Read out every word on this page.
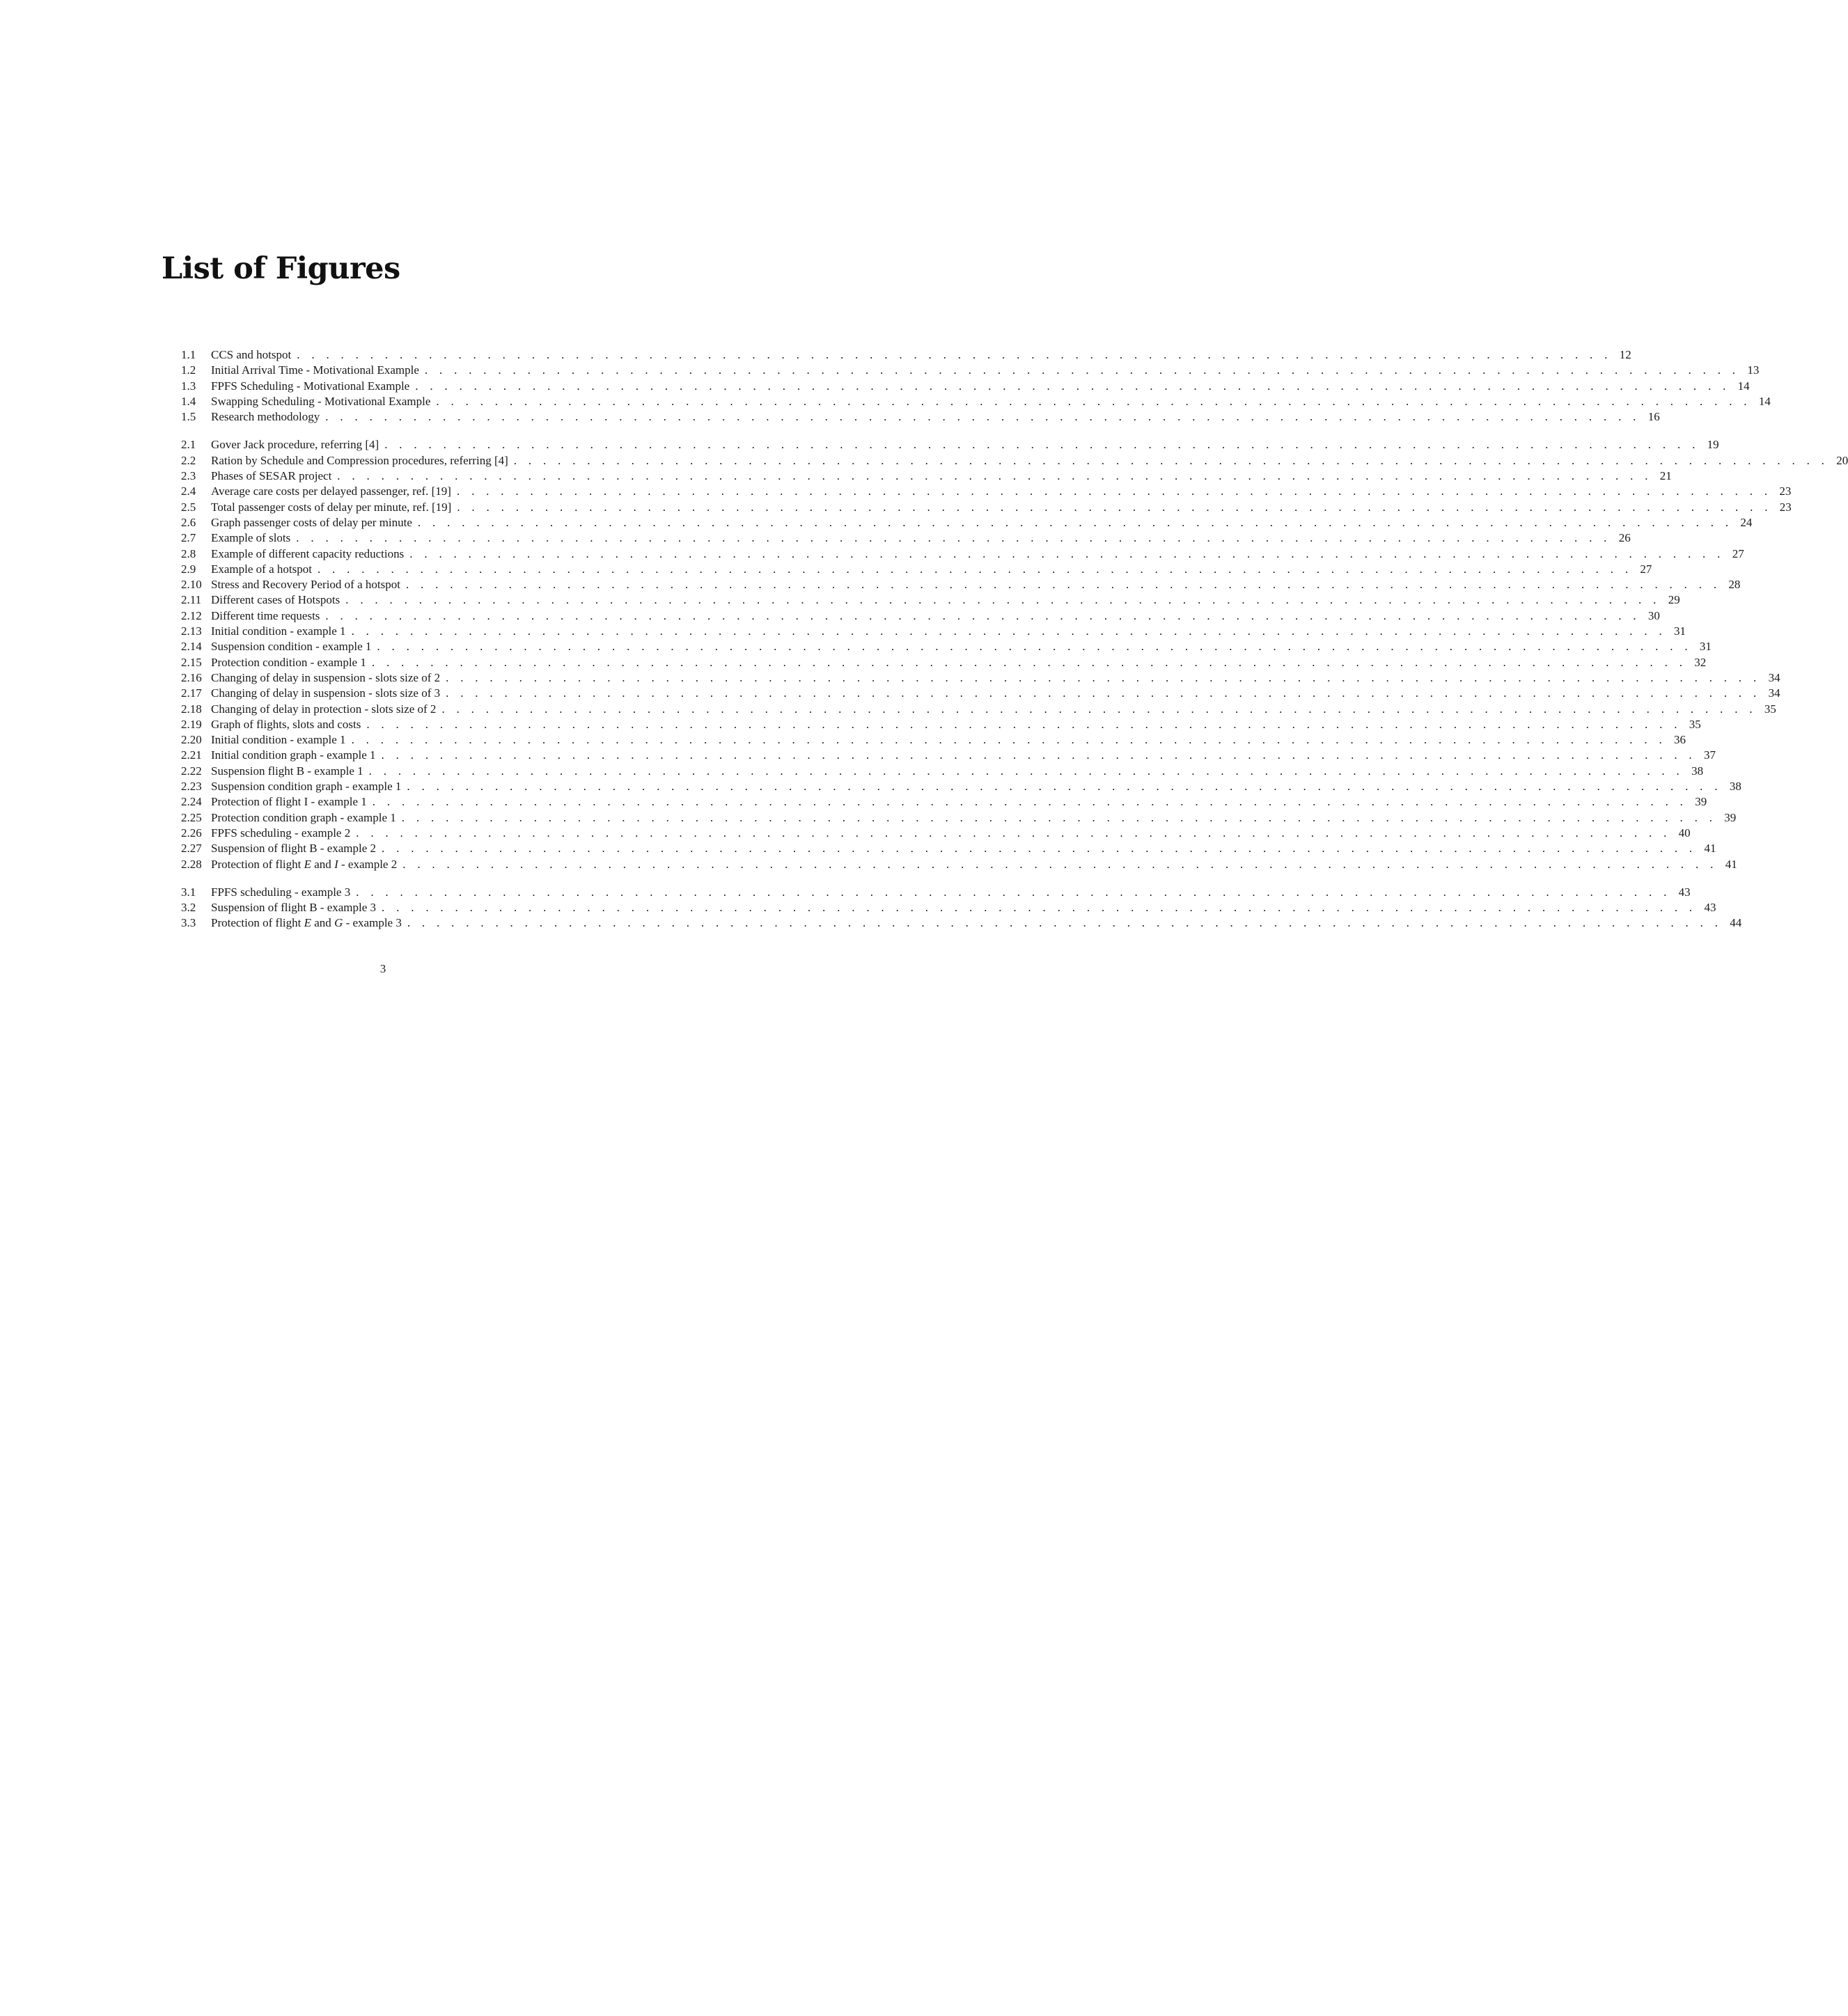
List of Figures
1.1	CCS and hotspot . . . . . . . . . . . . . . . . . . . . . . . . . . . . . . . . . . . . . . . . . . . . . . . . . . . . . . . . . . . . . . . . . . . . . . . . . . . . . . . . . . . . . . . . . . 12
1.2	Initial Arrival Time - Motivational Example . . . . . . . . . . . . . . . . . . . . . . . . . . . . . . . . . . . . . . . . . . . . . . . . . . . . . . . . . . . . . . . . . . . . . . . . . . . . . . . . . . . . . . . . . . 13
1.3	FPFS Scheduling - Motivational Example . . . . . . . . . . . . . . . . . . . . . . . . . . . . . . . . . . . . . . . . . . . . . . . . . . . . . . . . . . . . . . . . . . . . . . . . . . . . . . . . . . . . . . . . . . 14
1.4	Swapping Scheduling - Motivational Example . . . . . . . . . . . . . . . . . . . . . . . . . . . . . . . . . . . . . . . . . . . . . . . . . . . . . . . . . . . . . . . . . . . . . . . . . . . . . . . . . . . . . . . . . . 14
1.5	Research methodology . . . . . . . . . . . . . . . . . . . . . . . . . . . . . . . . . . . . . . . . . . . . . . . . . . . . . . . . . . . . . . . . . . . . . . . . . . . . . . . . . . . . . . . . . . 16
2.1	Gover Jack procedure, referring [4] . . . . . . . . . . . . . . . . . . . . . . . . . . . . . . . . . . . . . . . . . . . . . . . . . . . . . . . . . . . . . . . . . . . . . . . . . . . . . . . . . . . . . . . . . . 19
2.2	Ration by Schedule and Compression procedures, referring [4] . . . . . . . . . . . . . . . . . . . . . . . . . . . . . . . . . . . . . . . . . . . . . . . . . . . . . . . . . . . . . . . . . . . . . . . . . . . . . . . . . . . . . . . . . . 20
2.3	Phases of SESAR project . . . . . . . . . . . . . . . . . . . . . . . . . . . . . . . . . . . . . . . . . . . . . . . . . . . . . . . . . . . . . . . . . . . . . . . . . . . . . . . . . . . . . . . . . . 21
2.4	Average care costs per delayed passenger, ref. [19] . . . . . . . . . . . . . . . . . . . . . . . . . . . . . . . . . . . . . . . . . . . . . . . . . . . . . . . . . . . . . . . . . . . . . . . . . . . . . . . . . . . . . . . . . . 23
2.5	Total passenger costs of delay per minute, ref. [19] . . . . . . . . . . . . . . . . . . . . . . . . . . . . . . . . . . . . . . . . . . . . . . . . . . . . . . . . . . . . . . . . . . . . . . . . . . . . . . . . . . . . . . . . . . 23
2.6	Graph passenger costs of delay per minute . . . . . . . . . . . . . . . . . . . . . . . . . . . . . . . . . . . . . . . . . . . . . . . . . . . . . . . . . . . . . . . . . . . . . . . . . . . . . . . . . . . . . . . . . . 24
2.7	Example of slots . . . . . . . . . . . . . . . . . . . . . . . . . . . . . . . . . . . . . . . . . . . . . . . . . . . . . . . . . . . . . . . . . . . . . . . . . . . . . . . . . . . . . . . . . . 26
2.8	Example of different capacity reductions . . . . . . . . . . . . . . . . . . . . . . . . . . . . . . . . . . . . . . . . . . . . . . . . . . . . . . . . . . . . . . . . . . . . . . . . . . . . . . . . . . . . . . . . . . 27
2.9	Example of a hotspot . . . . . . . . . . . . . . . . . . . . . . . . . . . . . . . . . . . . . . . . . . . . . . . . . . . . . . . . . . . . . . . . . . . . . . . . . . . . . . . . . . . . . . . . . . 27
2.10 Stress and Recovery Period of a hotspot . . . . . . . . . . . . . . . . . . . . . . . . . . . . . . . . . . . . . . . . . . . . . . . . . . . . . . . . . . . . . . . . . . . . . . . . . . . . . . . . . . . . . . . . . . 28
2.11 Different cases of Hotspots . . . . . . . . . . . . . . . . . . . . . . . . . . . . . . . . . . . . . . . . . . . . . . . . . . . . . . . . . . . . . . . . . . . . . . . . . . . . . . . . . . . . . . . . . . 29
2.12 Different time requests . . . . . . . . . . . . . . . . . . . . . . . . . . . . . . . . . . . . . . . . . . . . . . . . . . . . . . . . . . . . . . . . . . . . . . . . . . . . . . . . . . . . . . . . . . 30
2.13 Initial condition - example 1 . . . . . . . . . . . . . . . . . . . . . . . . . . . . . . . . . . . . . . . . . . . . . . . . . . . . . . . . . . . . . . . . . . . . . . . . . . . . . . . . . . . . . . . . . . 31
2.14 Suspension condition - example 1 . . . . . . . . . . . . . . . . . . . . . . . . . . . . . . . . . . . . . . . . . . . . . . . . . . . . . . . . . . . . . . . . . . . . . . . . . . . . . . . . . . . . . . . . . . 31
2.15 Protection condition - example 1 . . . . . . . . . . . . . . . . . . . . . . . . . . . . . . . . . . . . . . . . . . . . . . . . . . . . . . . . . . . . . . . . . . . . . . . . . . . . . . . . . . . . . . . . . . 32
2.16 Changing of delay in suspension - slots size of 2 . . . . . . . . . . . . . . . . . . . . . . . . . . . . . . . . . . . . . . . . . . . . . . . . . . . . . . . . . . . . . . . . . . . . . . . . . . . . . . . . . . . . . . . . . . 34
2.17 Changing of delay in suspension - slots size of 3 . . . . . . . . . . . . . . . . . . . . . . . . . . . . . . . . . . . . . . . . . . . . . . . . . . . . . . . . . . . . . . . . . . . . . . . . . . . . . . . . . . . . . . . . . . 34
2.18 Changing of delay in protection - slots size of 2 . . . . . . . . . . . . . . . . . . . . . . . . . . . . . . . . . . . . . . . . . . . . . . . . . . . . . . . . . . . . . . . . . . . . . . . . . . . . . . . . . . . . . . . . . . 35
2.19 Graph of flights, slots and costs . . . . . . . . . . . . . . . . . . . . . . . . . . . . . . . . . . . . . . . . . . . . . . . . . . . . . . . . . . . . . . . . . . . . . . . . . . . . . . . . . . . . . . . . . . 35
2.20 Initial condition - example 1 . . . . . . . . . . . . . . . . . . . . . . . . . . . . . . . . . . . . . . . . . . . . . . . . . . . . . . . . . . . . . . . . . . . . . . . . . . . . . . . . . . . . . . . . . . 36
2.21 Initial condition graph - example 1 . . . . . . . . . . . . . . . . . . . . . . . . . . . . . . . . . . . . . . . . . . . . . . . . . . . . . . . . . . . . . . . . . . . . . . . . . . . . . . . . . . . . . . . . . . 37
2.22 Suspension flight B - example 1 . . . . . . . . . . . . . . . . . . . . . . . . . . . . . . . . . . . . . . . . . . . . . . . . . . . . . . . . . . . . . . . . . . . . . . . . . . . . . . . . . . . . . . . . . . 38
2.23 Suspension condition graph - example 1 . . . . . . . . . . . . . . . . . . . . . . . . . . . . . . . . . . . . . . . . . . . . . . . . . . . . . . . . . . . . . . . . . . . . . . . . . . . . . . . . . . . . . . . . . . 38
2.24 Protection of flight I - example 1 . . . . . . . . . . . . . . . . . . . . . . . . . . . . . . . . . . . . . . . . . . . . . . . . . . . . . . . . . . . . . . . . . . . . . . . . . . . . . . . . . . . . . . . . . . 39
2.25 Protection condition graph - example 1 . . . . . . . . . . . . . . . . . . . . . . . . . . . . . . . . . . . . . . . . . . . . . . . . . . . . . . . . . . . . . . . . . . . . . . . . . . . . . . . . . . . . . . . . . . 39
2.26 FPFS scheduling - example 2 . . . . . . . . . . . . . . . . . . . . . . . . . . . . . . . . . . . . . . . . . . . . . . . . . . . . . . . . . . . . . . . . . . . . . . . . . . . . . . . . . . . . . . . . . . 40
2.27 Suspension of flight B - example 2 . . . . . . . . . . . . . . . . . . . . . . . . . . . . . . . . . . . . . . . . . . . . . . . . . . . . . . . . . . . . . . . . . . . . . . . . . . . . . . . . . . . . . . . . . . 41
2.28 Protection of flight E and I - example 2 . . . . . . . . . . . . . . . . . . . . . . . . . . . . . . . . . . . . . . . . . . . . . . . . . . . . . . . . . . . . . . . . . . . . . . . . . . . . . . . . . . . . . . . . . . 41
3.1	FPFS scheduling - example 3 . . . . . . . . . . . . . . . . . . . . . . . . . . . . . . . . . . . . . . . . . . . . . . . . . . . . . . . . . . . . . . . . . . . . . . . . . . . . . . . . . . . . . . . . . . 43
3.2	Suspension of flight B - example 3 . . . . . . . . . . . . . . . . . . . . . . . . . . . . . . . . . . . . . . . . . . . . . . . . . . . . . . . . . . . . . . . . . . . . . . . . . . . . . . . . . . . . . . . . . . 43
3.3	Protection of flight E and G - example 3 . . . . . . . . . . . . . . . . . . . . . . . . . . . . . . . . . . . . . . . . . . . . . . . . . . . . . . . . . . . . . . . . . . . . . . . . . . . . . . . . . . . . . . . . . . 44
3
